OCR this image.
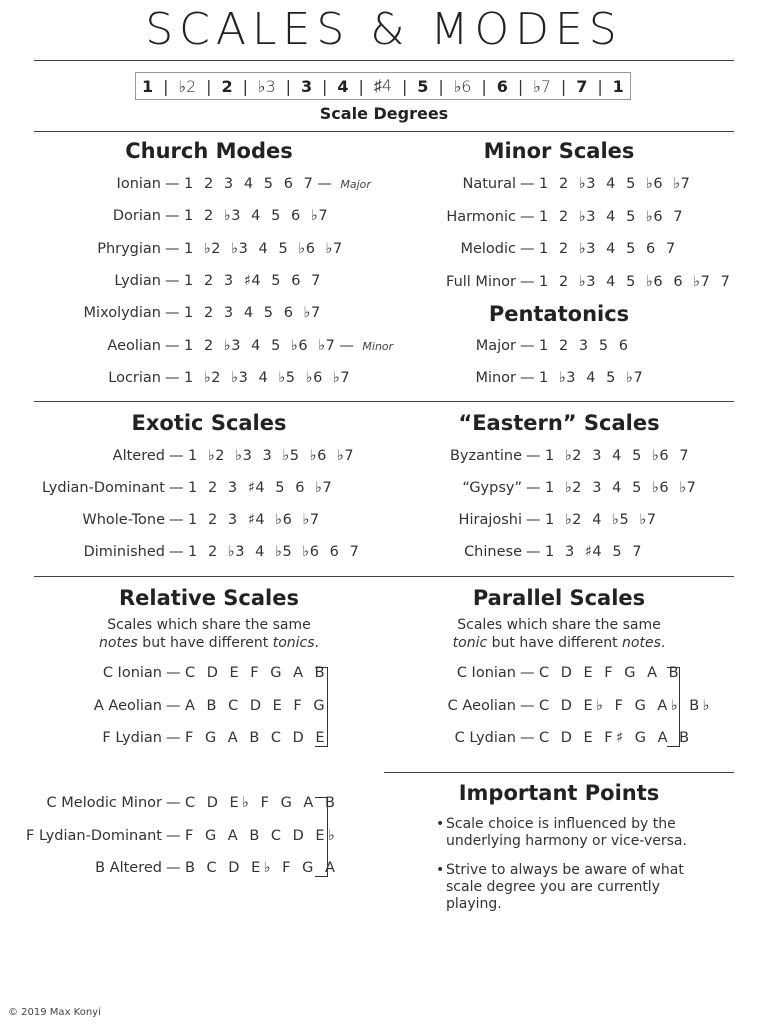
SCALES & MODES
1 | ♭2 | 2 | ♭3 | 3 | 4 | ♯4 | 5 | ♭6 | 6 | ♭7 | 7 | 1
Scale Degrees
Church Modes
Ionian — 1  2  3  4  5  6  7 — Major
Dorian — 1  2  ♭3  4  5  6  ♭7
Phrygian — 1  ♭2  ♭3  4  5  ♭6  ♭7
Lydian — 1  2  3  ♯4  5  6  7
Mixolydian — 1  2  3  4  5  6  ♭7
Aeolian — 1  2  ♭3  4  5  ♭6  ♭7 — Minor
Locrian — 1  ♭2  ♭3  4  ♭5  ♭6  ♭7
Minor Scales
Natural — 1  2  ♭3  4  5  ♭6  ♭7
Harmonic — 1  2  ♭3  4  5  ♭6  7
Melodic — 1  2  ♭3  4  5  6  7
Full Minor — 1  2  ♭3  4  5  ♭6  6  ♭7  7
Pentatonics
Major — 1  2  3  5  6
Minor — 1  ♭3  4  5  ♭7
Exotic Scales
Altered — 1  ♭2  ♭3  3  ♭5  ♭6  ♭7
Lydian-Dominant — 1  2  3  ♯4  5  6  ♭7
Whole-Tone — 1  2  3  ♯4  ♭6  ♭7
Diminished — 1  2  ♭3  4  ♭5  ♭6  6  7
“Eastern” Scales
Byzantine — 1  ♭2  3  4  5  ♭6  7
“Gypsy” — 1  ♭2  3  4  5  ♭6  ♭7
Hirajoshi — 1  ♭2  4  ♭5  ♭7
Chinese — 1  3  ♯4  5  7
Relative Scales
Scales which share the same
notes but have different tonics.
C Ionian — C D E F G A B
A Aeolian — A B C D E F G
F Lydian — F G A B C D E
C Melodic Minor — C D E♭ F G A B
F Lydian-Dominant — F G A B C D E♭
B Altered — B C D E♭ F G A
Parallel Scales
Scales which share the same
tonic but have different notes.
C Ionian — C D E F G A B
C Aeolian — C D E♭ F G A♭ B♭
C Lydian — C D E F♯ G A B
Important Points
• Scale choice is influenced by the underlying harmony or vice-versa.
• Strive to always be aware of what scale degree you are currently playing.
© 2019 Max Konyi
